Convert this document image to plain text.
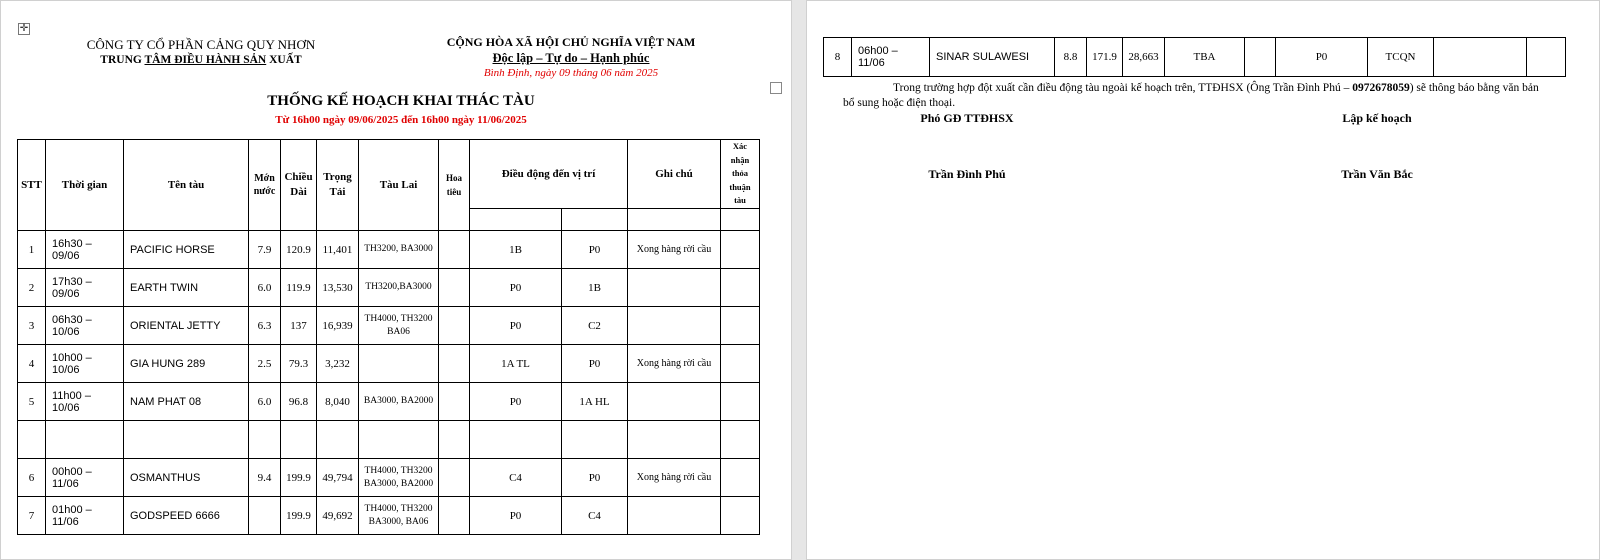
✛
CÔNG TY CỔ PHẦN CẢNG QUY NHƠN
TRUNG TÂM ĐIỀU HÀNH SẢN XUẤT
CỘNG HÒA XÃ HỘI CHỦ NGHĨA VIỆT NAM
Độc lập – Tự do – Hạnh phúc
Bình Định, ngày 09 tháng 06 năm 2025
THỐNG KẾ HOẠCH KHAI THÁC TÀU
Từ 16h00 ngày 09/06/2025 đến 16h00 ngày 11/06/2025
STT	Thời gian	Tên tàu	Mớn nước	Chiều Dài	Trọng Tải	Tàu Lai	Hoa tiêu	Điều động đến vị trí		Ghi chú	Xác nhận thỏa thuận tàu

1	16h30 – 09/06	PACIFIC HORSE	7.9	120.9	11,401	TH3200, BA3000		1B	P0	Xong hàng rời cầu	
2	17h30 – 09/06	EARTH TWIN	6.0	119.9	13,530	TH3200,BA3000		P0	1B		
3	06h30 – 10/06	ORIENTAL JETTY	6.3	137	16,939	TH4000, TH3200 BA06		P0	C2		
4	10h00 – 10/06	GIA HUNG 289	2.5	79.3	3,232			1A TL	P0	Xong hàng rời cầu	
5	11h00 – 10/06	NAM PHAT 08	6.0	96.8	8,040	BA3000, BA2000		P0	1A HL		

6	00h00 – 11/06	OSMANTHUS	9.4	199.9	49,794	TH4000, TH3200 BA3000, BA2000		C4	P0	Xong hàng rời cầu	
7	01h00 – 11/06	GODSPEED 6666		199.9	49,692	TH4000, TH3200 BA3000, BA06		P0	C4		
8	06h00 – 11/06	SINAR SULAWESI	8.8	171.9	28,663	TBA		P0	TCQN		
Trong trường hợp đột xuất cần điều động tàu ngoài kế hoạch trên, TTĐHSX (Ông Trần Đình Phú – 0972678059) sẽ thông báo bằng văn bản bổ sung hoặc điện thoại.
Phó GĐ TTĐHSX	Lập kế hoạch
Trần Đình Phú	Trần Văn Bắc
